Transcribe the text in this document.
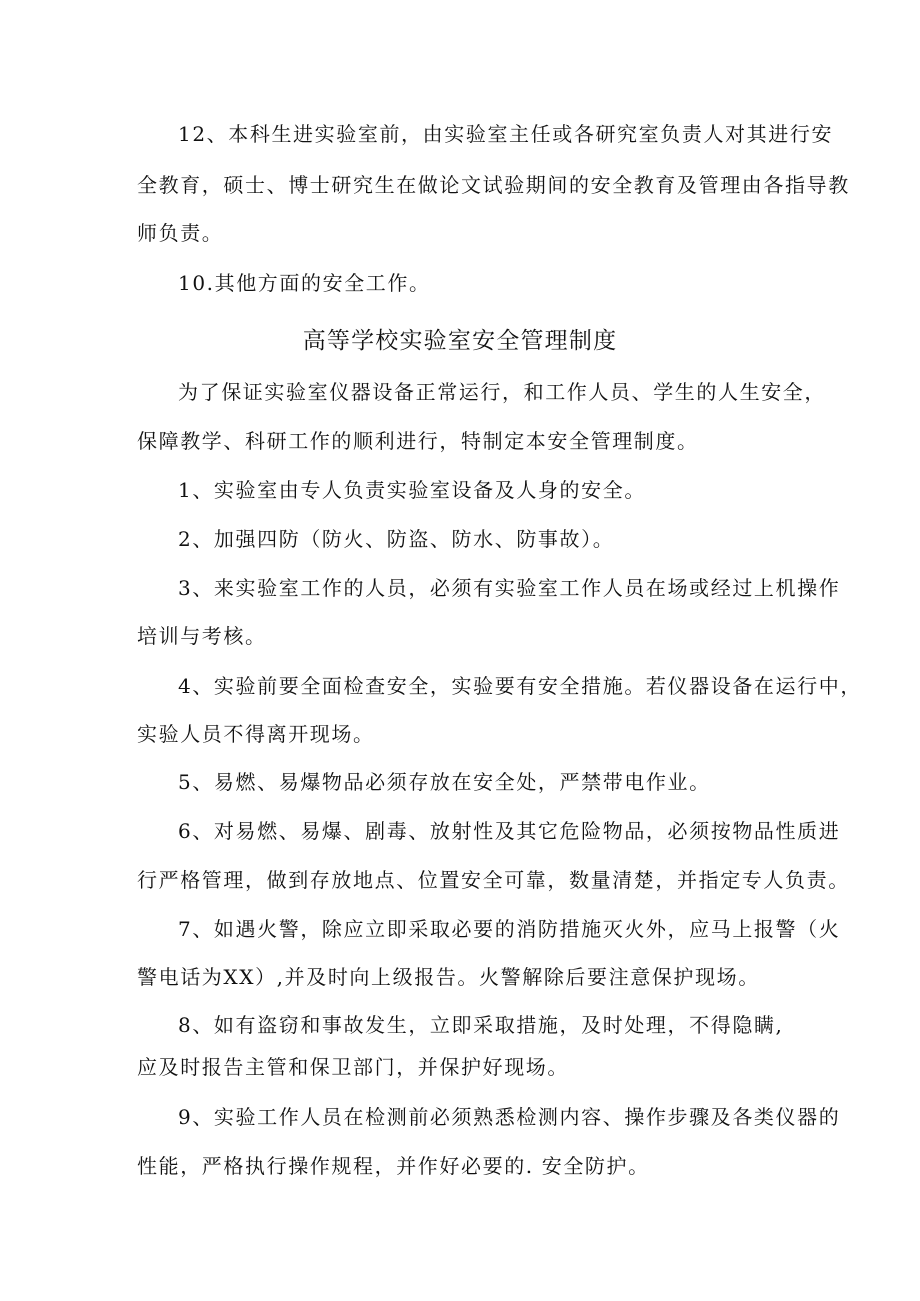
12、本科生进实验室前，由实验室主任或各研究室负责人对其进行安
全教育，硕士、博士研究生在做论文试验期间的安全教育及管理由各指导教
师负责。
10.其他方面的安全工作。
高等学校实验室安全管理制度
为了保证实验室仪器设备正常运行，和工作人员、学生的人生安全，
保障教学、科研工作的顺利进行，特制定本安全管理制度。
1、实验室由专人负责实验室设备及人身的安全。
2、加强四防（防火、防盗、防水、防事故）。
3、来实验室工作的人员，必须有实验室工作人员在场或经过上机操作
培训与考核。
4、实验前要全面检查安全，实验要有安全措施。若仪器设备在运行中，
实验人员不得离开现场。
5、易燃、易爆物品必须存放在安全处，严禁带电作业。
6、对易燃、易爆、剧毒、放射性及其它危险物品，必须按物品性质进
行严格管理，做到存放地点、位置安全可靠，数量清楚，并指定专人负责。
7、如遇火警，除应立即采取必要的消防措施灭火外，应马上报警（火
警电话为XX）,并及时向上级报告。火警解除后要注意保护现场。
8、如有盗窃和事故发生，立即采取措施，及时处理，不得隐瞒,
应及时报告主管和保卫部门，并保护好现场。
9、实验工作人员在检测前必须熟悉检测内容、操作步骤及各类仪器的
性能，严格执行操作规程，并作好必要的. 安全防护。
